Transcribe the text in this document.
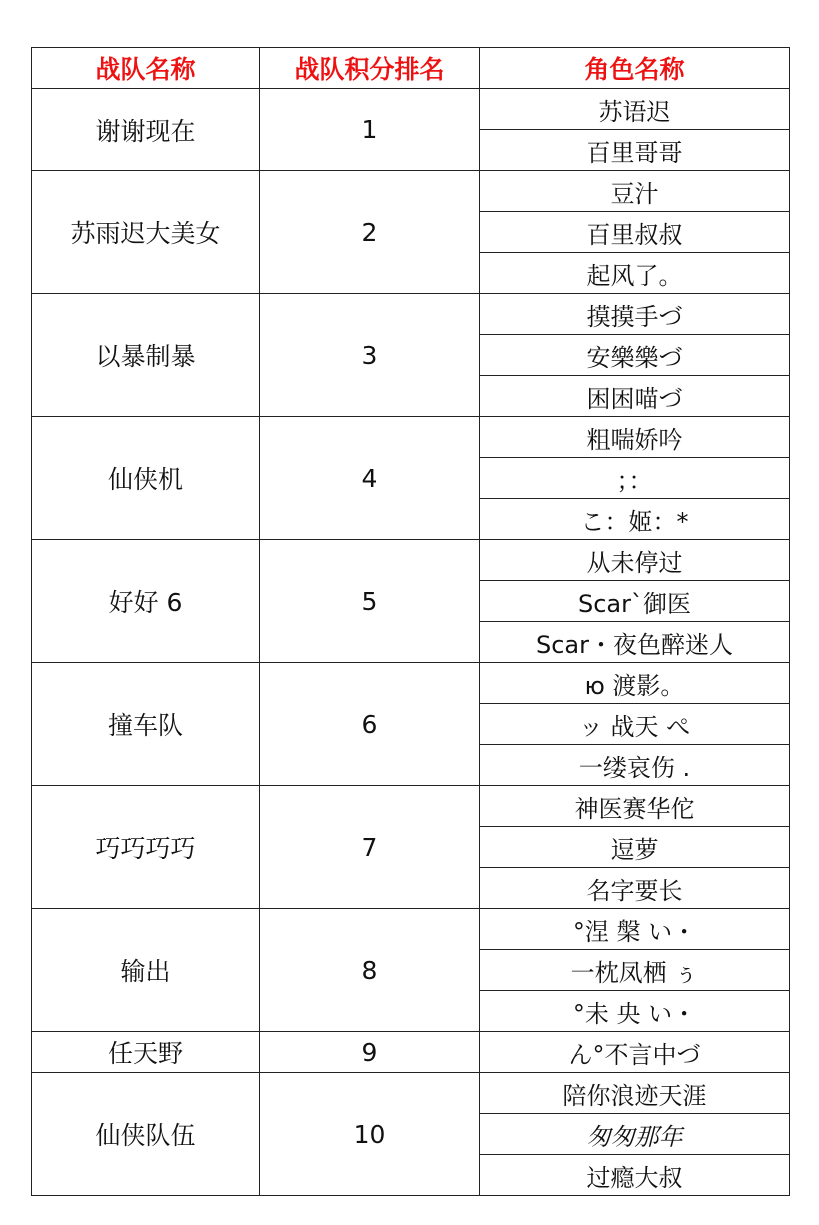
战队名称	战队积分排名	角色名称
谢谢现在	1	苏语迟
		百里哥哥
苏雨迟大美女	2	豆汁
		百里叔叔
		起风了。
以暴制暴	3	摸摸手づ
		安樂樂づ
		困困喵づ
仙侠机	4	粗喘娇吟
		；：
		こ：姬：*
好好 6	5	从未停过
		Scar`御医
		Scar・夜色醉迷人
撞车队	6	ю 渡影。
		ッ 战天 ぺ
		一缕哀伤 .
巧巧巧巧	7	神医赛华佗
		逗萝
		名字要长
输出	8	°涅 槃 い・
		一枕凤栖 ぅ
		°未 央 い・
任天野	9	ん°不言中づ
仙侠队伍	10	陪你浪迹天涯
		匆匆那年
		过瘾大叔
